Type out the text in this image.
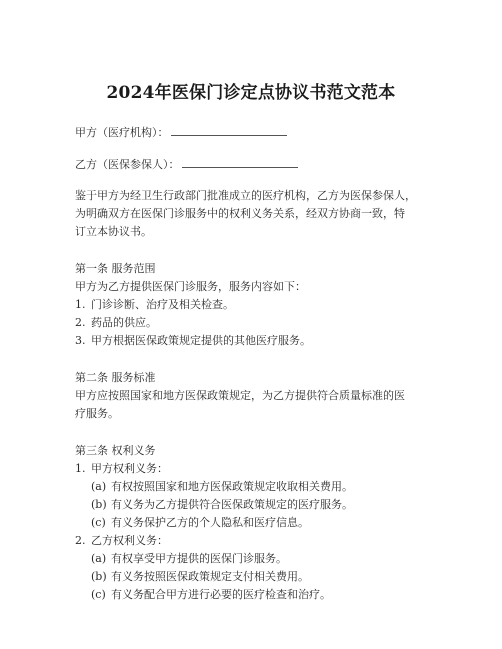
2024年医保门诊定点协议书范文范本
甲方（医疗机构）：
乙方（医保参保人）：
鉴于甲方为经卫生行政部门批准成立的医疗机构，乙方为医保参保人，
为明确双方在医保门诊服务中的权利义务关系，经双方协商一致，特
订立本协议书。
第一条 服务范围
甲方为乙方提供医保门诊服务，服务内容如下：
1. 门诊诊断、治疗及相关检查。
2. 药品的供应。
3. 甲方根据医保政策规定提供的其他医疗服务。
第二条 服务标准
甲方应按照国家和地方医保政策规定，为乙方提供符合质量标准的医
疗服务。
第三条 权利义务
1. 甲方权利义务：
(a) 有权按照国家和地方医保政策规定收取相关费用。
(b) 有义务为乙方提供符合医保政策规定的医疗服务。
(c) 有义务保护乙方的个人隐私和医疗信息。
2. 乙方权利义务：
(a) 有权享受甲方提供的医保门诊服务。
(b) 有义务按照医保政策规定支付相关费用。
(c) 有义务配合甲方进行必要的医疗检查和治疗。
